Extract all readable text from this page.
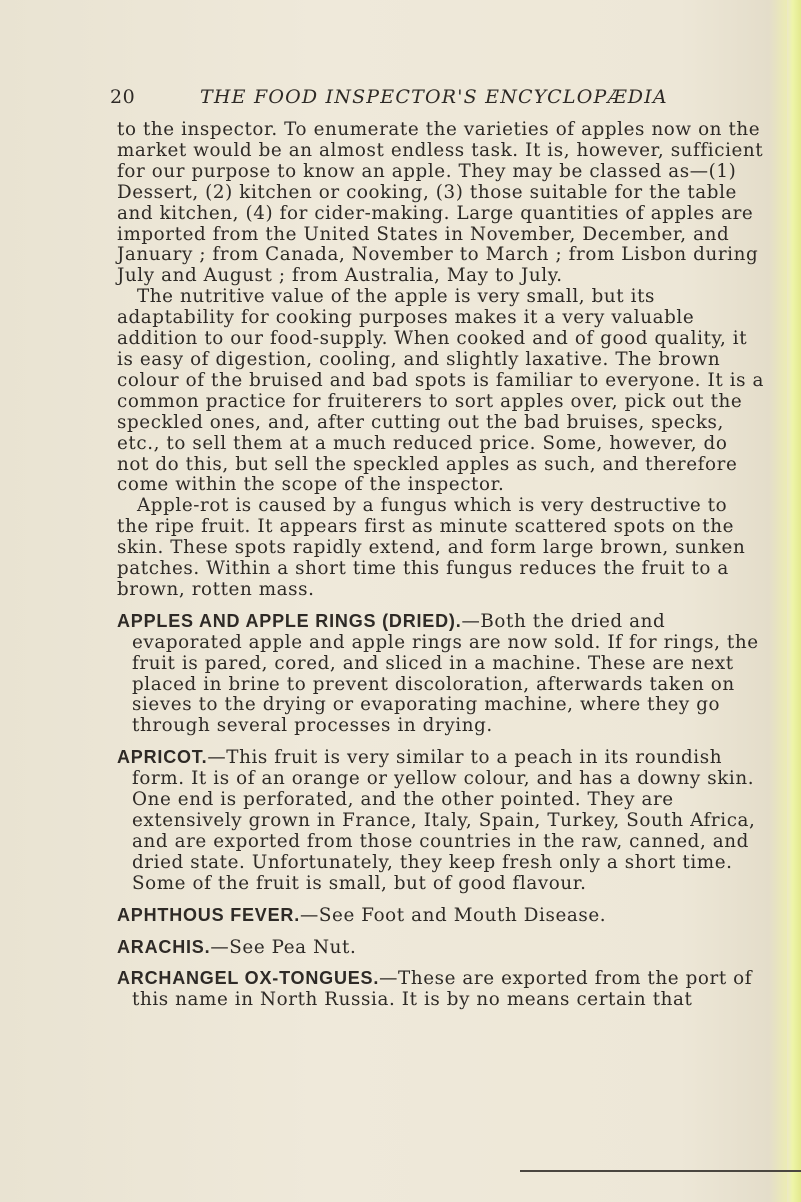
20	THE FOOD INSPECTOR'S ENCYCLOPÆDIA

to the inspector. To enumerate the varieties of apples now on the market would be an almost endless task. It is, however, sufficient for our purpose to know an apple. They may be classed as—(1) Dessert, (2) kitchen or cooking, (3) those suitable for the table and kitchen, (4) for cider-making. Large quantities of apples are imported from the United States in November, December, and January ; from Canada, November to March ; from Lisbon during July and August ; from Australia, May to July.

The nutritive value of the apple is very small, but its adaptability for cooking purposes makes it a very valuable addition to our food-supply. When cooked and of good quality, it is easy of digestion, cooling, and slightly laxative. The brown colour of the bruised and bad spots is familiar to everyone. It is a common practice for fruiterers to sort apples over, pick out the speckled ones, and, after cutting out the bad bruises, specks, etc., to sell them at a much reduced price. Some, however, do not do this, but sell the speckled apples as such, and therefore come within the scope of the inspector.

Apple-rot is caused by a fungus which is very destructive to the ripe fruit. It appears first as minute scattered spots on the skin. These spots rapidly extend, and form large brown, sunken patches. Within a short time this fungus reduces the fruit to a brown, rotten mass.

APPLES AND APPLE RINGS (DRIED).—Both the dried and evaporated apple and apple rings are now sold. If for rings, the fruit is pared, cored, and sliced in a machine. These are next placed in brine to prevent discoloration, afterwards taken on sieves to the drying or evaporating machine, where they go through several processes in drying.

APRICOT.—This fruit is very similar to a peach in its roundish form. It is of an orange or yellow colour, and has a downy skin. One end is perforated, and the other pointed. They are extensively grown in France, Italy, Spain, Turkey, South Africa, and are exported from those countries in the raw, canned, and dried state. Unfortunately, they keep fresh only a short time. Some of the fruit is small, but of good flavour.

APHTHOUS FEVER.—See Foot and Mouth Disease.

ARACHIS.—See Pea Nut.

ARCHANGEL OX-TONGUES.—These are exported from the port of this name in North Russia. It is by no means certain that
